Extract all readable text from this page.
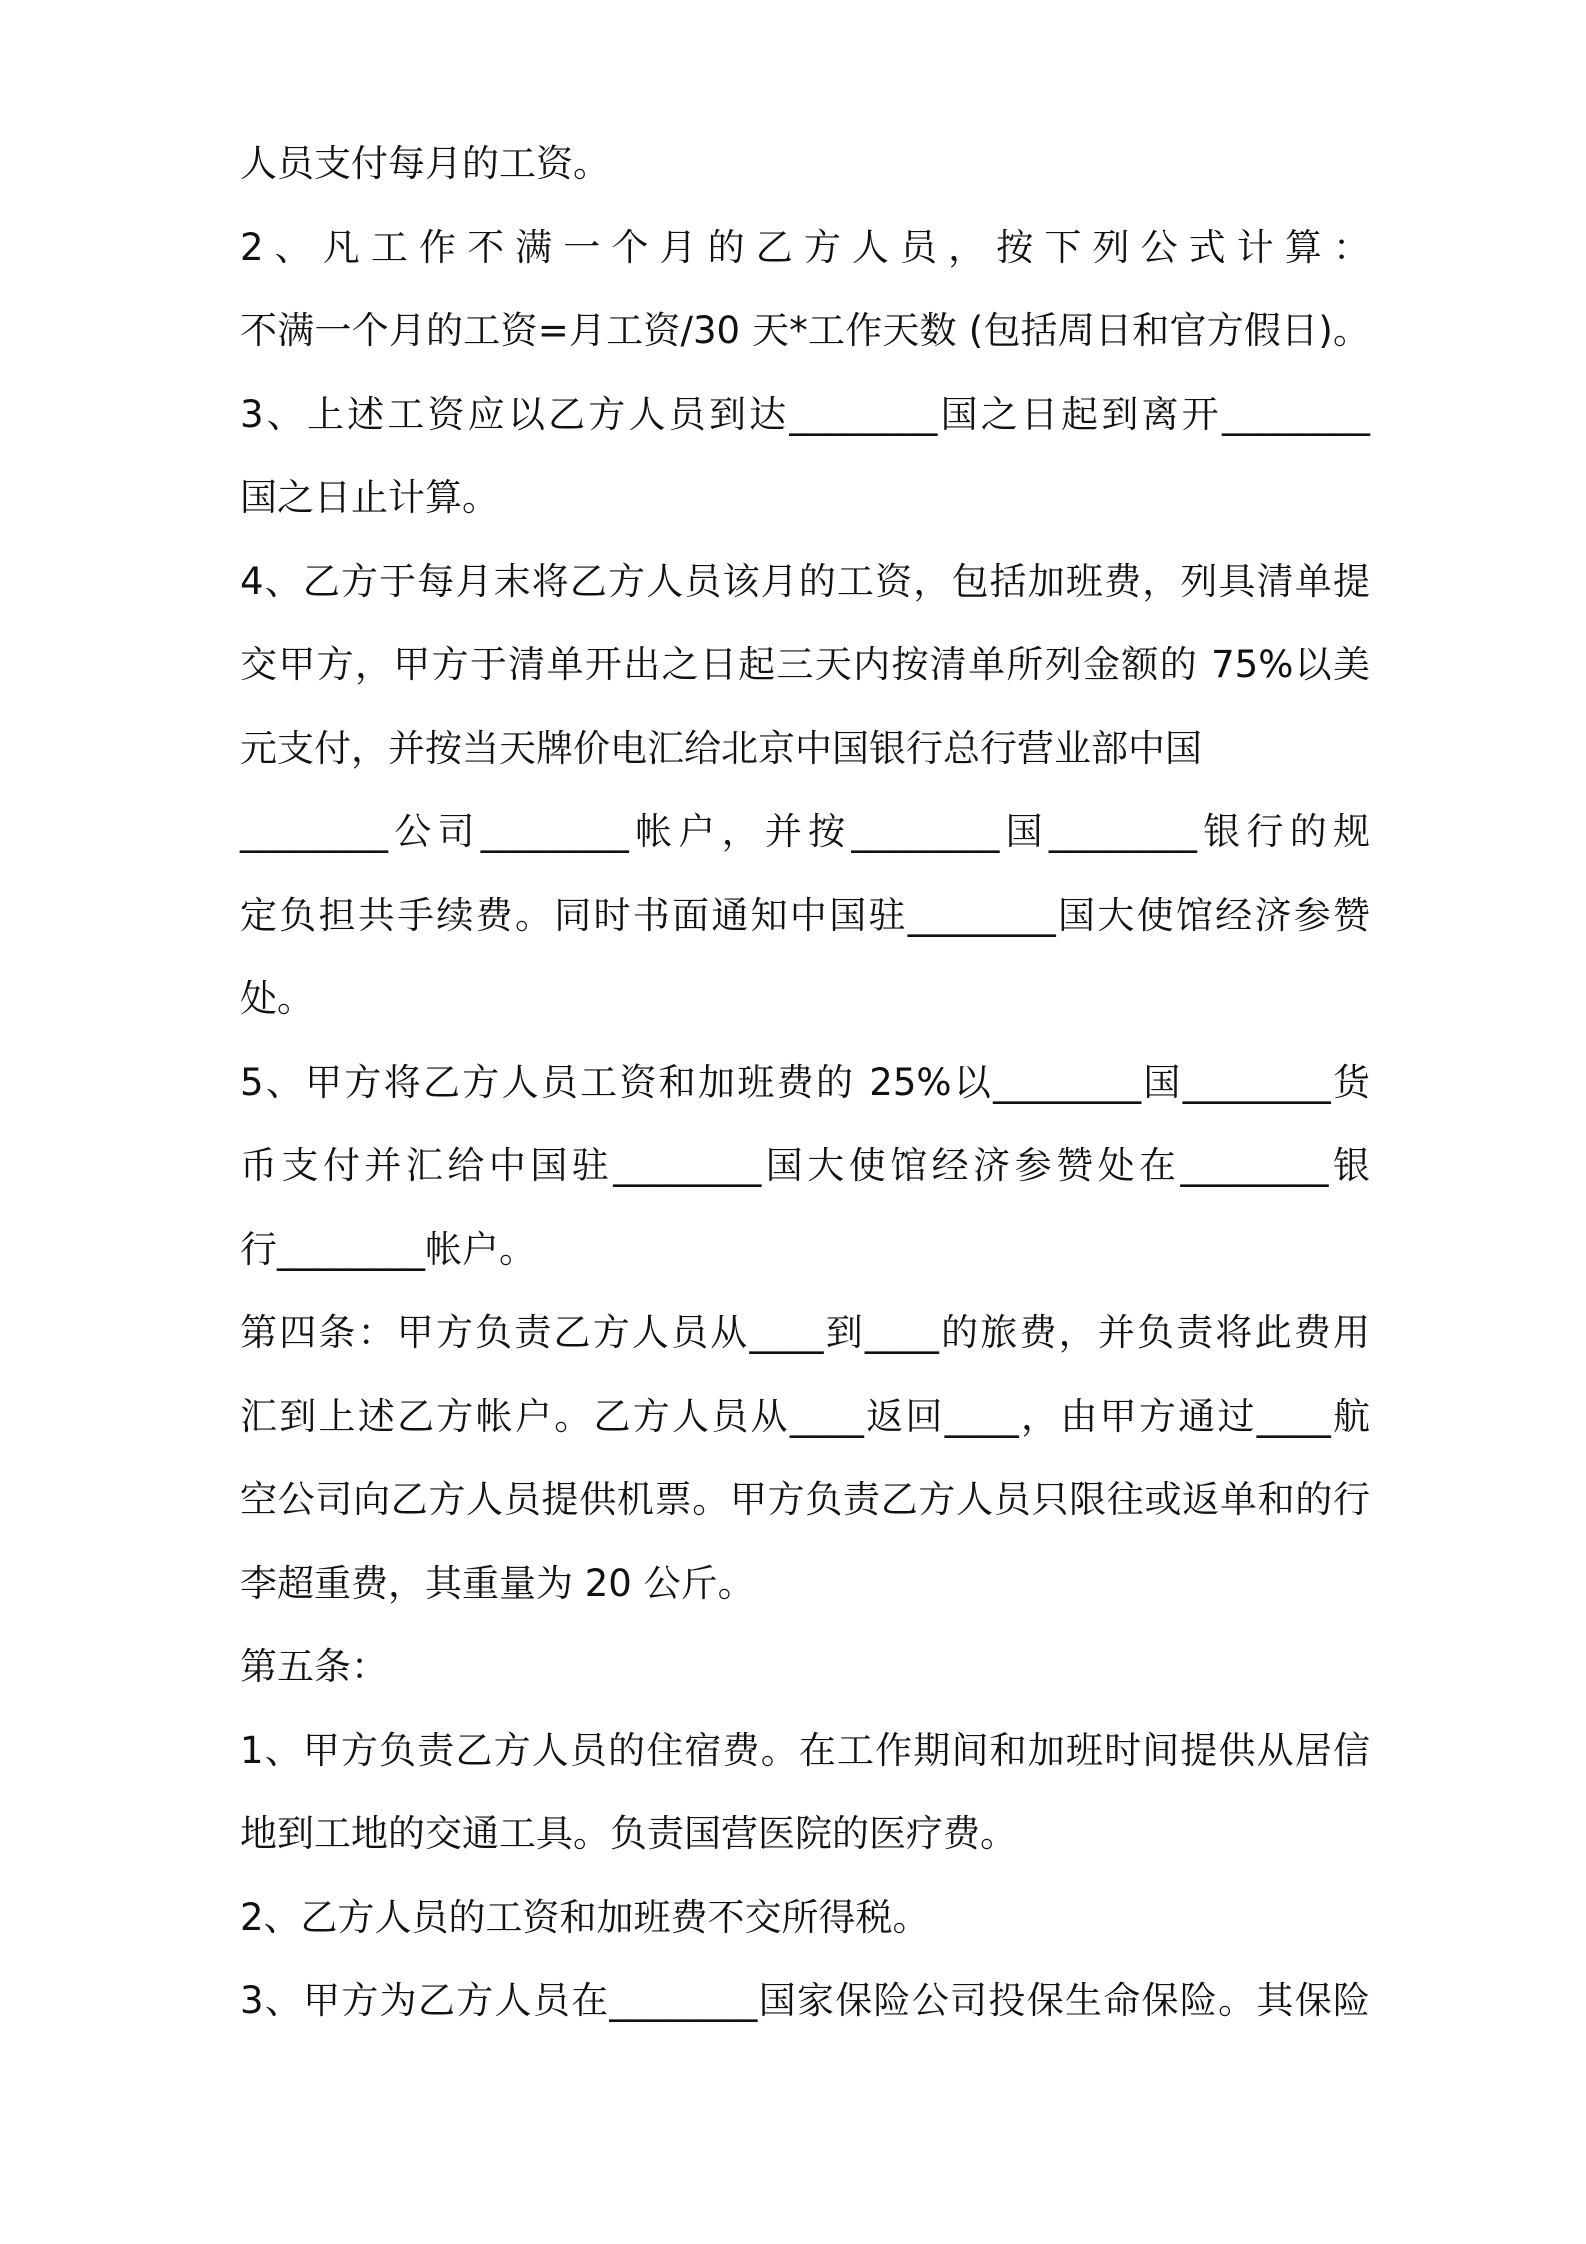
人员支付每月的工资。
2、凡工作不满一个月的乙方人员，按下列公式计算：
不满一个月的工资=月工资/30 天*工作天数 (包括周日和官方假日)。
3、上述工资应以乙方人员到达________国之日起到离开________
国之日止计算。
4、乙方于每月末将乙方人员该月的工资，包括加班费，列具清单提
交甲方，甲方于清单开出之日起三天内按清单所列金额的 75%以美
元支付，并按当天牌价电汇给北京中国银行总行营业部中国
________公司________帐户，并按________国________银行的规
定负担共手续费。同时书面通知中国驻________国大使馆经济参赞
处。
5、甲方将乙方人员工资和加班费的 25%以________国________货
币支付并汇给中国驻________国大使馆经济参赞处在________银
行________帐户。
第四条：甲方负责乙方人员从____到____的旅费，并负责将此费用
汇到上述乙方帐户。乙方人员从____返回____，由甲方通过____航
空公司向乙方人员提供机票。甲方负责乙方人员只限往或返单和的行
李超重费，其重量为 20 公斤。
第五条：
1、甲方负责乙方人员的住宿费。在工作期间和加班时间提供从居信
地到工地的交通工具。负责国营医院的医疗费。
2、乙方人员的工资和加班费不交所得税。
3、甲方为乙方人员在________国家保险公司投保生命保险。其保险
